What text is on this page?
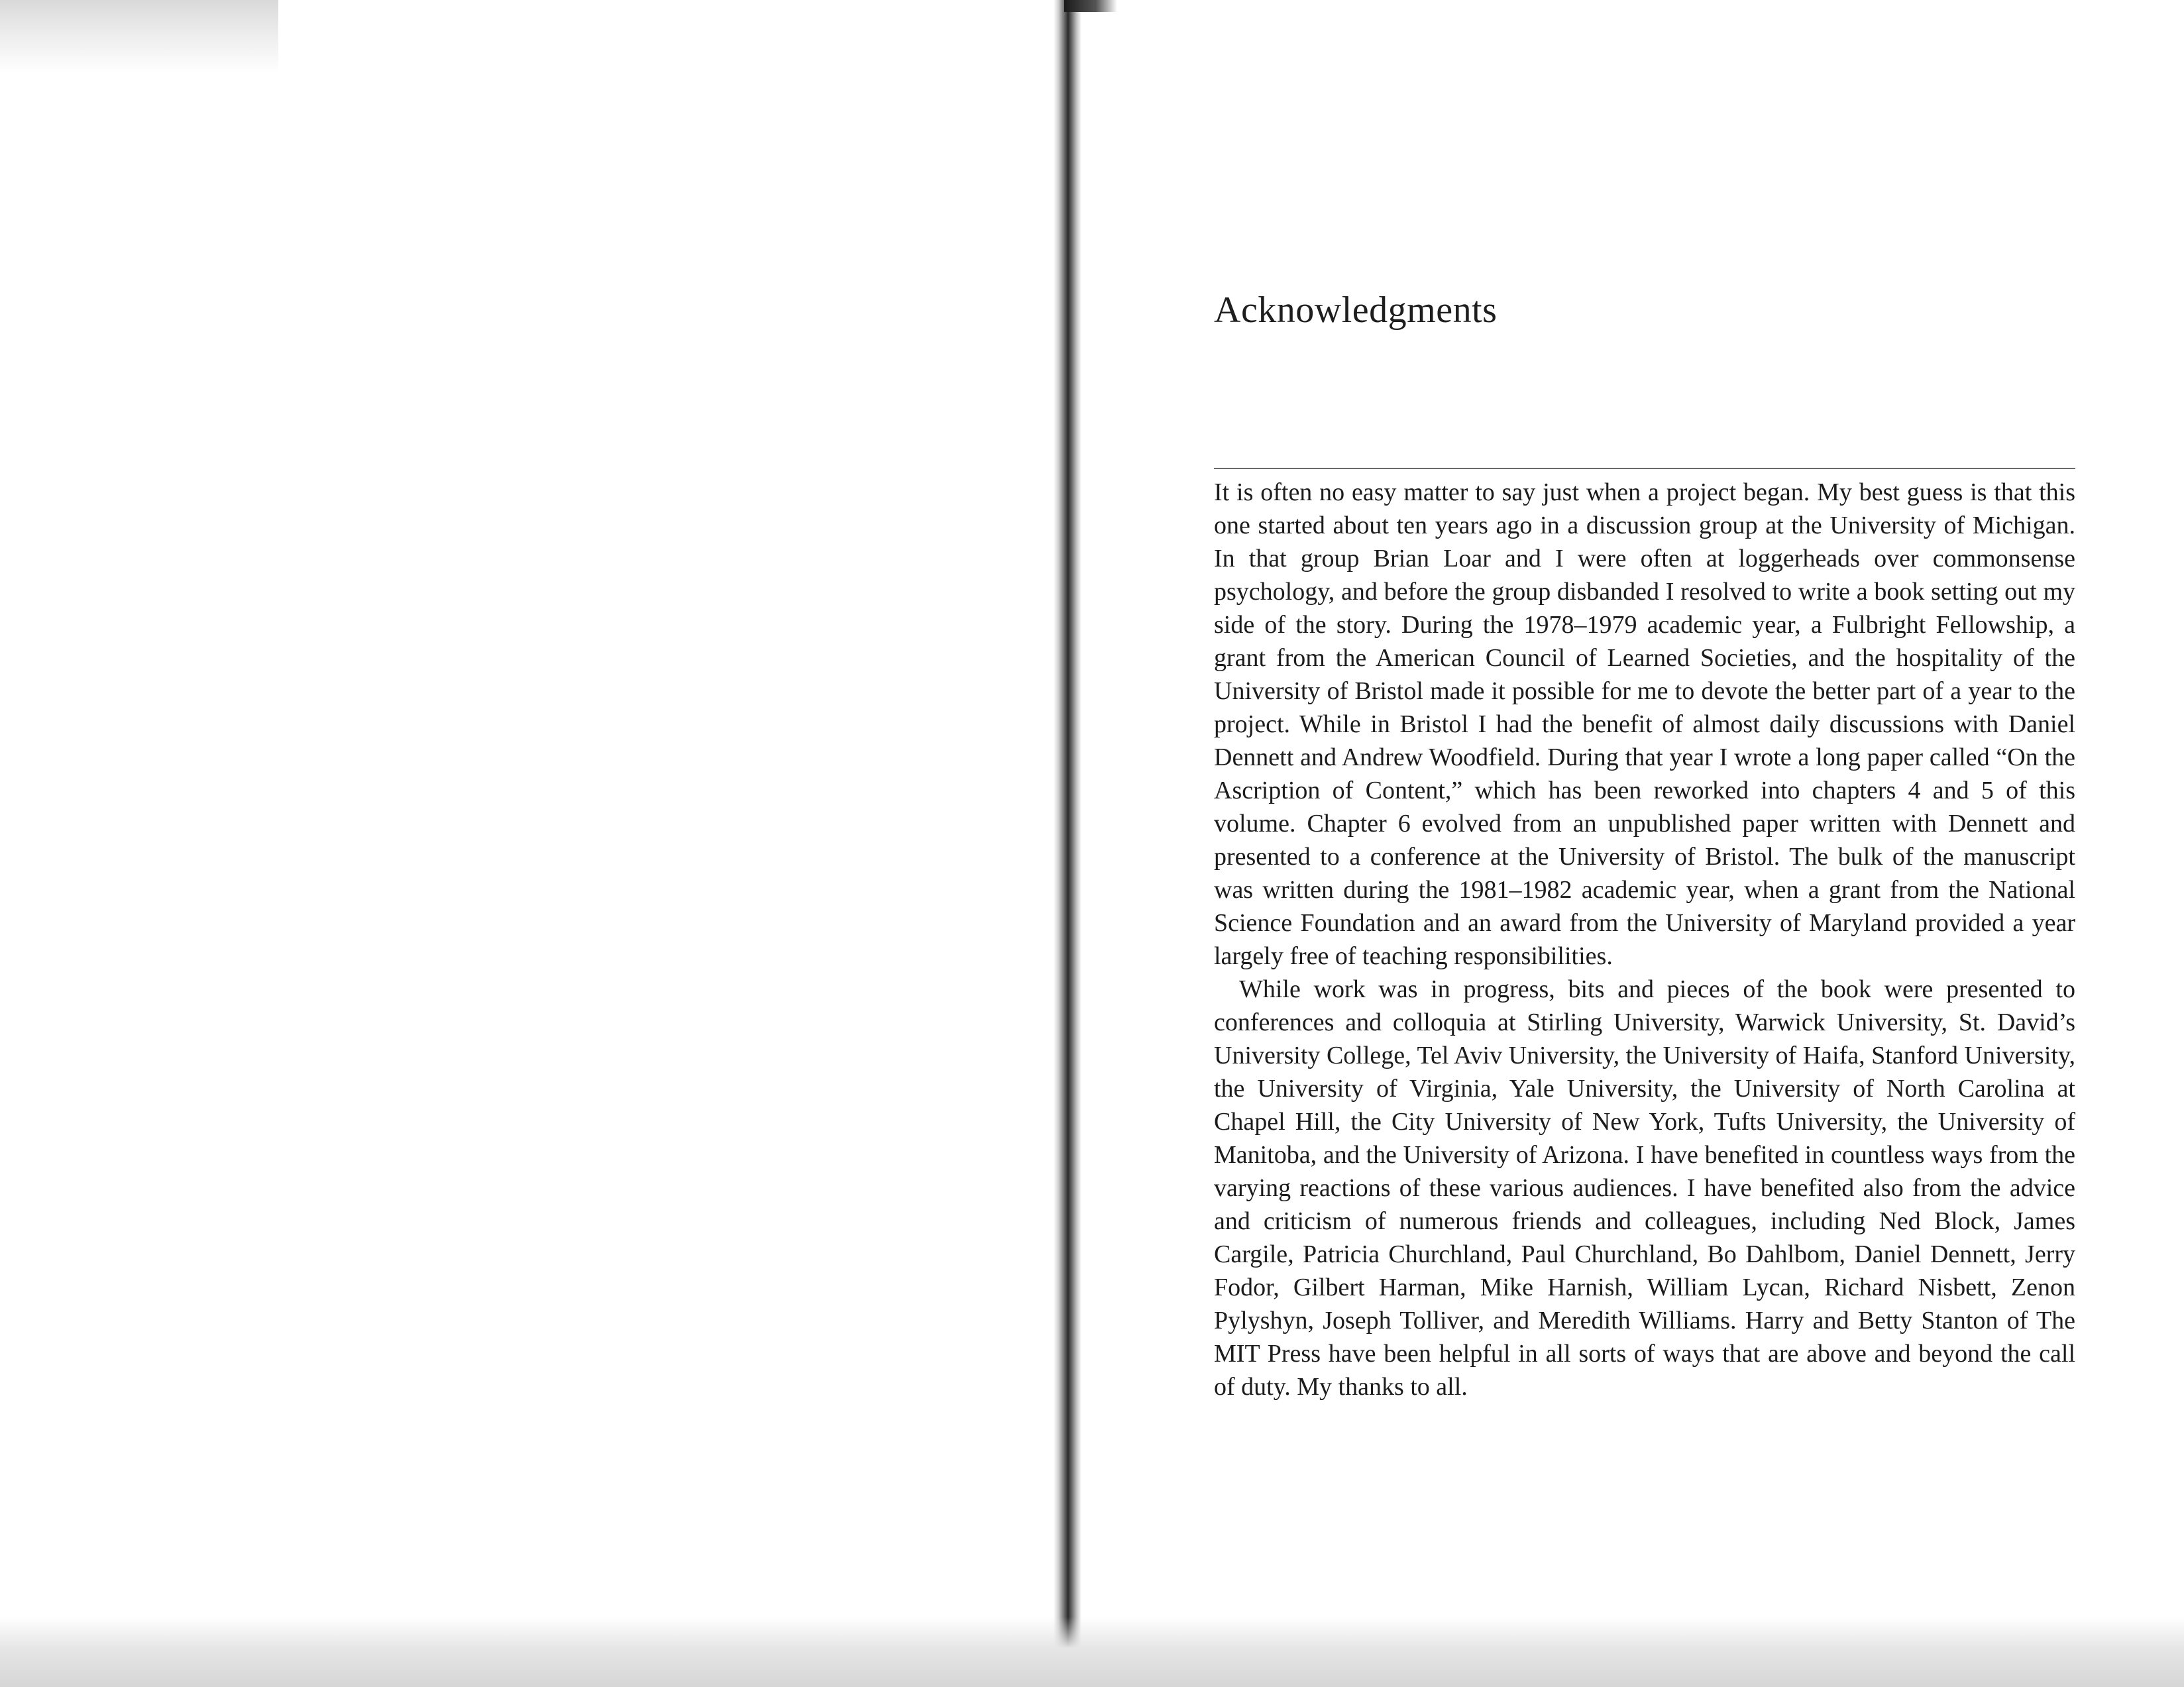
Acknowledgments

It is often no easy matter to say just when a project began. My best guess is that this one started about ten years ago in a discussion group at the University of Michigan. In that group Brian Loar and I were often at loggerheads over commonsense psychology, and before the group disbanded I resolved to write a book setting out my side of the story. During the 1978–1979 academic year, a Fulbright Fellowship, a grant from the American Council of Learned Societies, and the hospitality of the University of Bristol made it possible for me to devote the better part of a year to the project. While in Bristol I had the benefit of almost daily discussions with Daniel Dennett and Andrew Woodfield. During that year I wrote a long paper called “On the Ascription of Content,” which has been reworked into chapters 4 and 5 of this volume. Chapter 6 evolved from an unpublished paper written with Dennett and presented to a conference at the University of Bristol. The bulk of the manuscript was written during the 1981–1982 academic year, when a grant from the National Science Foundation and an award from the University of Maryland provided a year largely free of teaching responsibilities.

While work was in progress, bits and pieces of the book were presented to conferences and colloquia at Stirling University, Warwick University, St. David’s University College, Tel Aviv University, the University of Haifa, Stanford University, the University of Virginia, Yale University, the University of North Carolina at Chapel Hill, the City University of New York, Tufts University, the University of Manitoba, and the University of Arizona. I have benefited in countless ways from the varying reactions of these various audiences. I have benefited also from the advice and criticism of numerous friends and colleagues, including Ned Block, James Cargile, Patricia Churchland, Paul Churchland, Bo Dahlbom, Daniel Dennett, Jerry Fodor, Gilbert Harman, Mike Harnish, William Lycan, Richard Nisbett, Zenon Pylyshyn, Joseph Tolliver, and Meredith Williams. Harry and Betty Stanton of The MIT Press have been helpful in all sorts of ways that are above and beyond the call of duty. My thanks to all.
